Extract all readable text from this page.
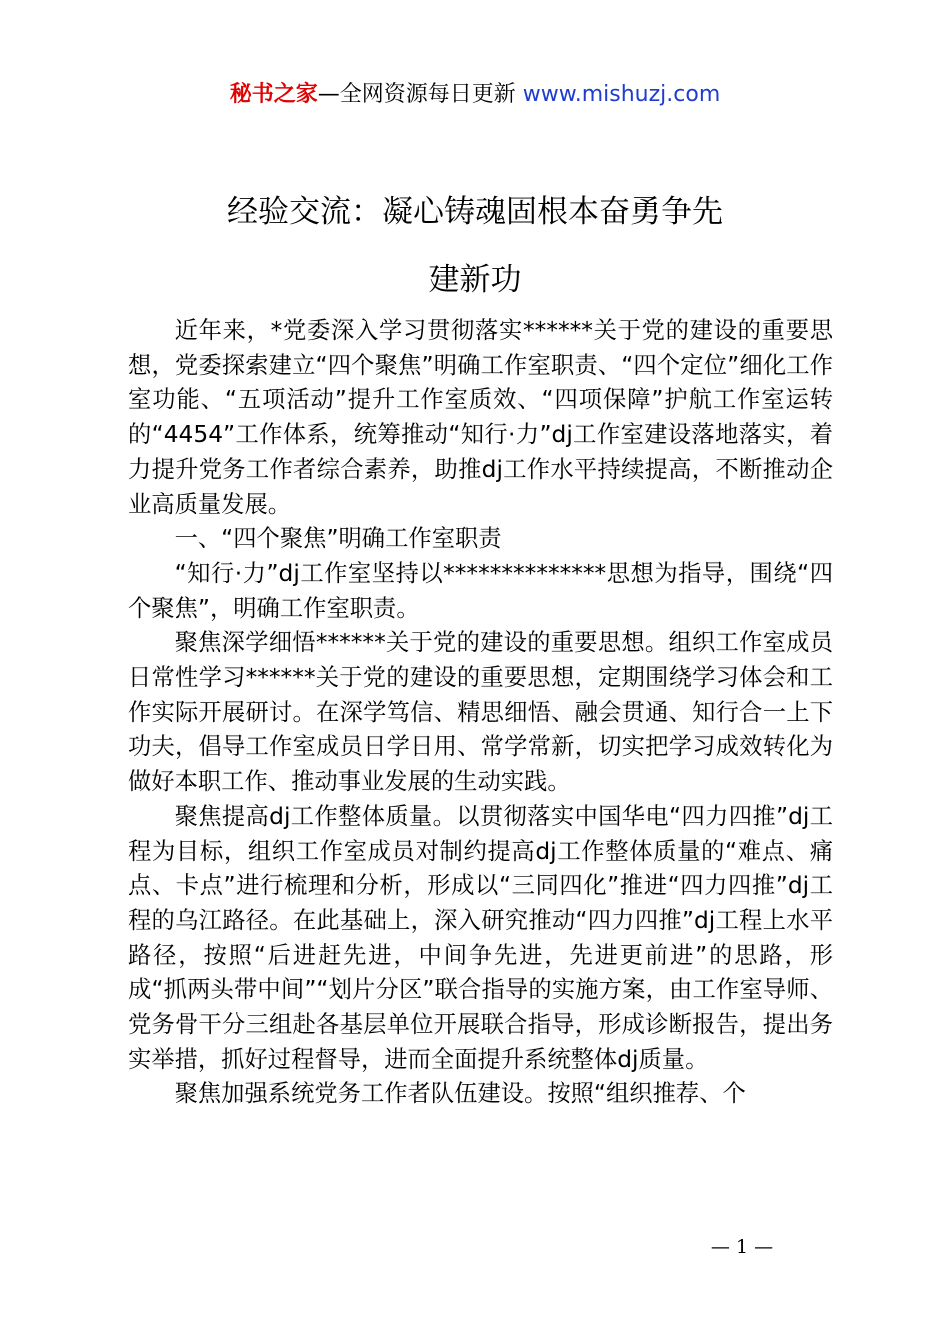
秘书之家—全网资源每日更新 www.mishuzj.com
经验交流：凝心铸魂固根本奋勇争先
建新功

近年来，*党委深入学习贯彻落实******关于党的建设的重要思想，党委探索建立“四个聚焦”明确工作室职责、“四个定位”细化工作室功能、“五项活动”提升工作室质效、“四项保障”护航工作室运转的“4454”工作体系，统筹推动“知行·力”dj工作室建设落地落实，着力提升党务工作者综合素养，助推dj工作水平持续提高，不断推动企业高质量发展。

一、“四个聚焦”明确工作室职责

“知行·力”dj工作室坚持以**************思想为指导，围绕“四个聚焦”，明确工作室职责。

聚焦深学细悟******关于党的建设的重要思想。组织工作室成员日常性学习******关于党的建设的重要思想，定期围绕学习体会和工作实际开展研讨。在深学笃信、精思细悟、融会贯通、知行合一上下功夫，倡导工作室成员日学日用、常学常新，切实把学习成效转化为做好本职工作、推动事业发展的生动实践。

聚焦提高dj工作整体质量。以贯彻落实中国华电“四力四推”dj工程为目标，组织工作室成员对制约提高dj工作整体质量的“难点、痛点、卡点”进行梳理和分析，形成以“三同四化”推进“四力四推”dj工程的乌江路径。在此基础上，深入研究推动“四力四推”dj工程上水平路径，按照“后进赶先进，中间争先进，先进更前进”的思路，形成“抓两头带中间”“划片分区”联合指导的实施方案，由工作室导师、党务骨干分三组赴各基层单位开展联合指导，形成诊断报告，提出务实举措，抓好过程督导，进而全面提升系统整体dj质量。

聚焦加强系统党务工作者队伍建设。按照“组织推荐、个

— 1 —
